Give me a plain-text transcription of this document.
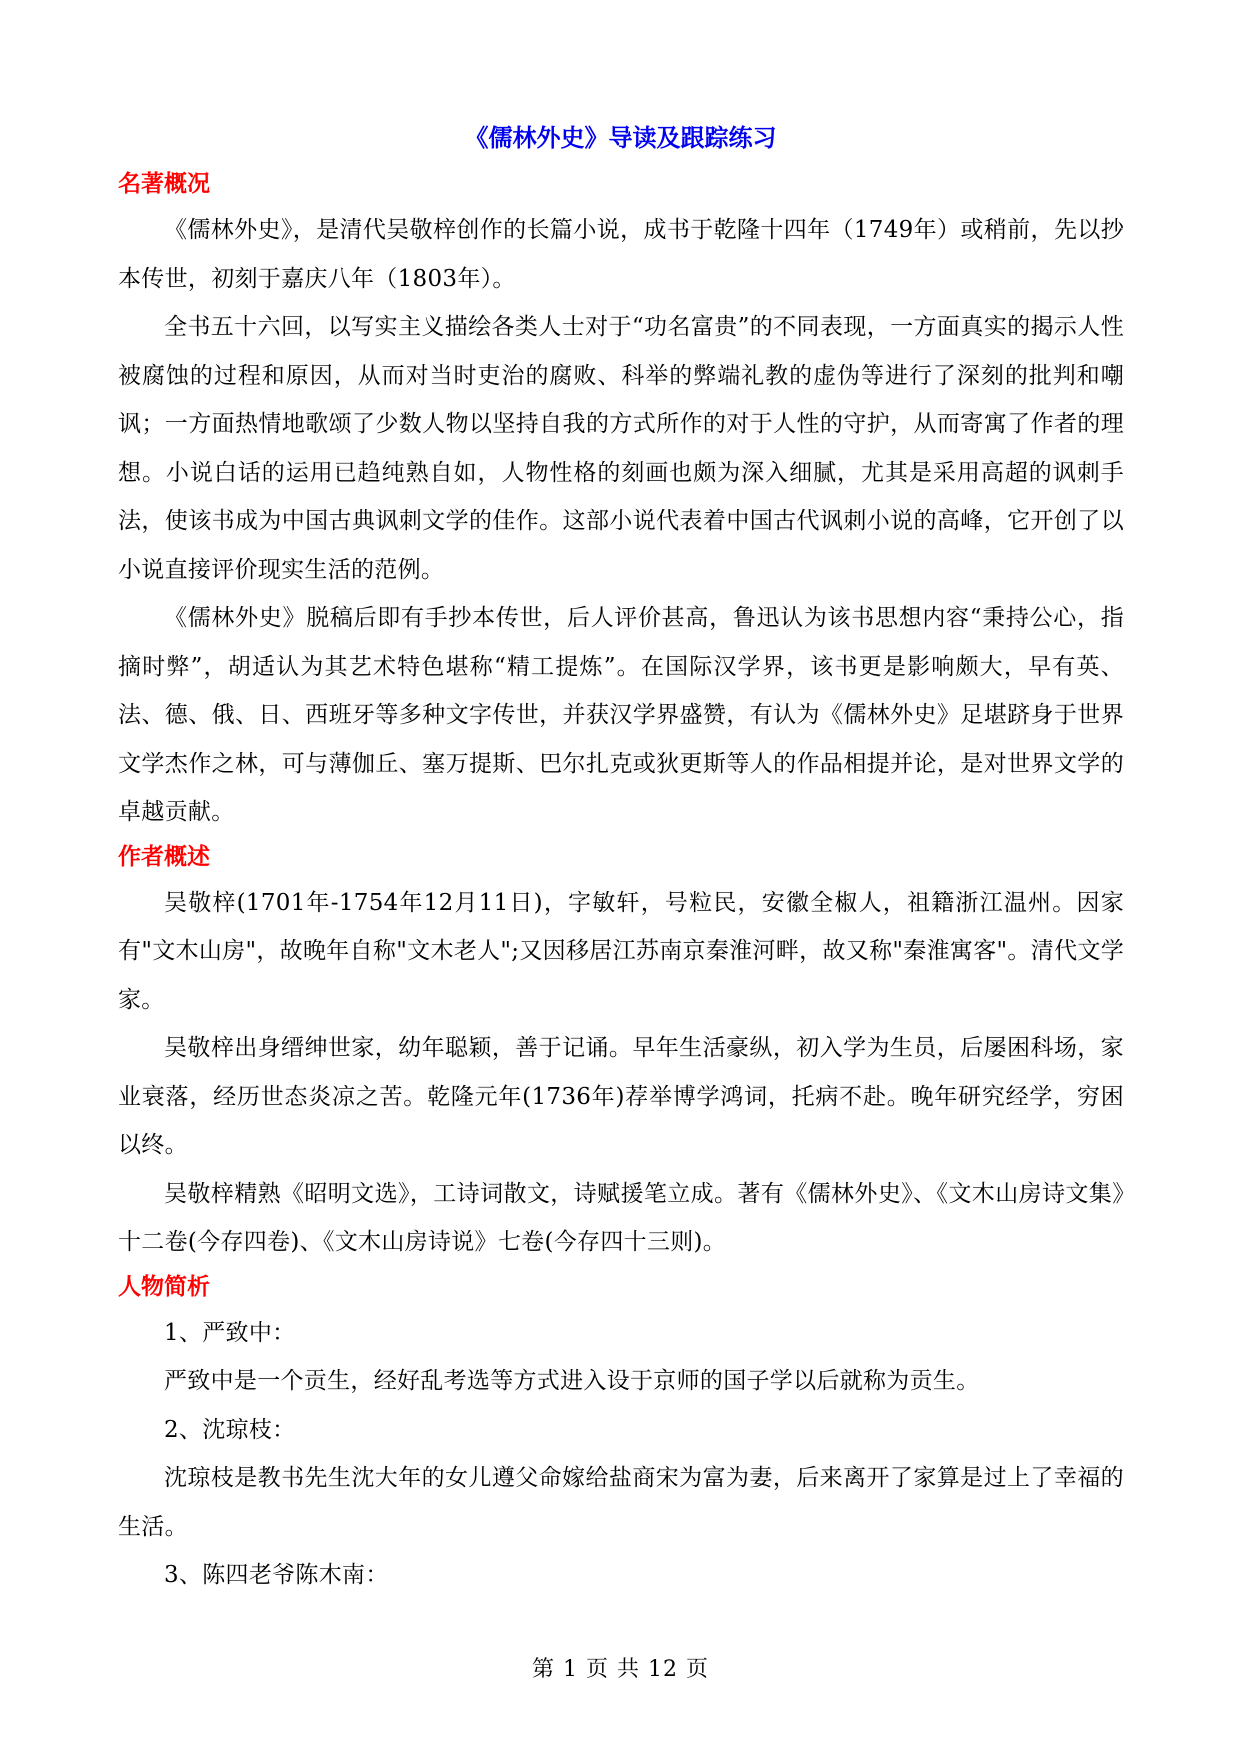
《儒林外史》导读及跟踪练习
名著概况

《儒林外史》，是清代吴敬梓创作的长篇小说，成书于乾隆十四年（1749年）或稍前，先以抄本传世，初刻于嘉庆八年（1803年）。

全书五十六回，以写实主义描绘各类人士对于“功名富贵”的不同表现，一方面真实的揭示人性被腐蚀的过程和原因，从而对当时吏治的腐败、科举的弊端礼教的虚伪等进行了深刻的批判和嘲讽；一方面热情地歌颂了少数人物以坚持自我的方式所作的对于人性的守护，从而寄寓了作者的理想。小说白话的运用已趋纯熟自如，人物性格的刻画也颇为深入细腻，尤其是采用高超的讽刺手法，使该书成为中国古典讽刺文学的佳作。这部小说代表着中国古代讽刺小说的高峰，它开创了以小说直接评价现实生活的范例。

《儒林外史》脱稿后即有手抄本传世，后人评价甚高，鲁迅认为该书思想内容“秉持公心，指摘时弊”，胡适认为其艺术特色堪称“精工提炼”。在国际汉学界，该书更是影响颇大，早有英、法、德、俄、日、西班牙等多种文字传世，并获汉学界盛赞，有认为《儒林外史》足堪跻身于世界文学杰作之林，可与薄伽丘、塞万提斯、巴尔扎克或狄更斯等人的作品相提并论，是对世界文学的卓越贡献。

作者概述

吴敬梓(1701年-1754年12月11日)，字敏轩，号粒民，安徽全椒人，祖籍浙江温州。因家有"文木山房"，故晚年自称"文木老人";又因移居江苏南京秦淮河畔，故又称"秦淮寓客"。清代文学家。

吴敬梓出身缙绅世家，幼年聪颖，善于记诵。早年生活豪纵，初入学为生员，后屡困科场，家业衰落，经历世态炎凉之苦。乾隆元年(1736年)荐举博学鸿词，托病不赴。晚年研究经学，穷困以终。

吴敬梓精熟《昭明文选》，工诗词散文，诗赋援笔立成。著有《儒林外史》、《文木山房诗文集》十二卷(今存四卷)、《文木山房诗说》七卷(今存四十三则)。

人物简析

1、严致中：

严致中是一个贡生，经好乱考选等方式进入设于京师的国子学以后就称为贡生。

2、沈琼枝：

沈琼枝是教书先生沈大年的女儿遵父命嫁给盐商宋为富为妻，后来离开了家算是过上了幸福的生活。

3、陈四老爷陈木南：

第 1 页 共 12 页
